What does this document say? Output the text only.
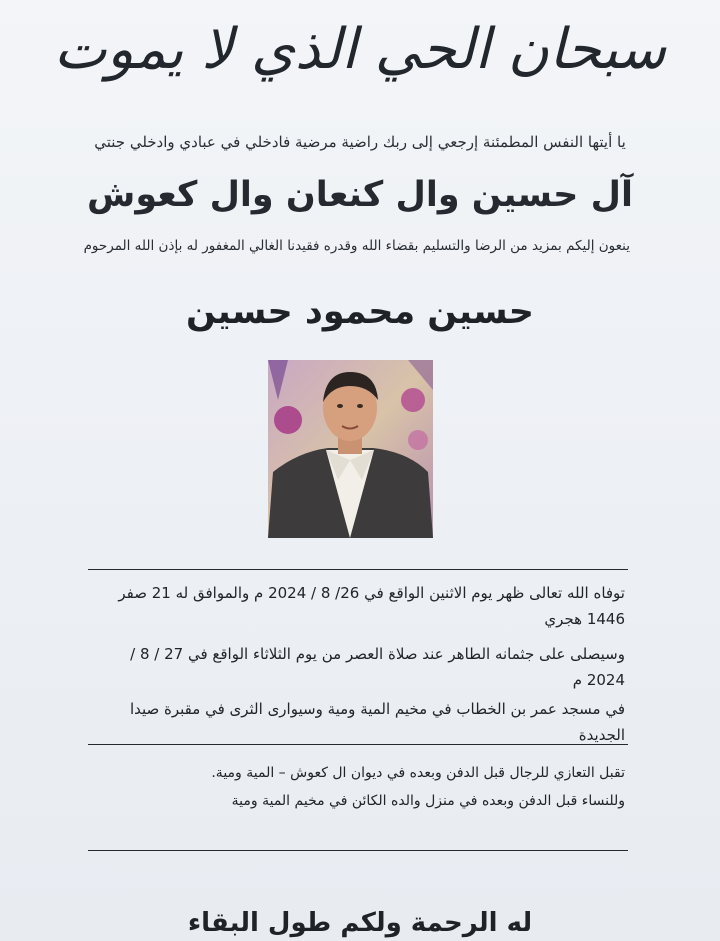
سبحان الحي الذي لا يموت
يا أيتها النفس المطمئنة إرجعي إلى ربك راضية مرضية فادخلي في عبادي وادخلي جنتي
آل حسين وال كنعان وال كعوش
ينعون إليكم بمزيد من الرضا والتسليم بقضاء الله وقدره فقيدنا الغالي المغفور له بإذن الله المرحوم
حسين محمود حسين
توفاه الله تعالى ظهر يوم الاثنين الواقع في 26/ 8 / 2024 م والموافق له 21 صفر 1446 هجري
وسيصلى على جثمانه الطاهر عند صلاة العصر من يوم الثلاثاء الواقع في 27 / 8 / 2024 م
في مسجد عمر بن الخطاب في مخيم المية ومية وسيوارى الثرى في مقبرة صيدا الجديدة
تقبل التعازي للرجال قبل الدفن وبعده في ديوان ال كعوش – المية ومية.
وللنساء قبل الدفن وبعده في منزل والده الكائن في مخيم المية ومية
له الرحمة ولكم طول البقاء
